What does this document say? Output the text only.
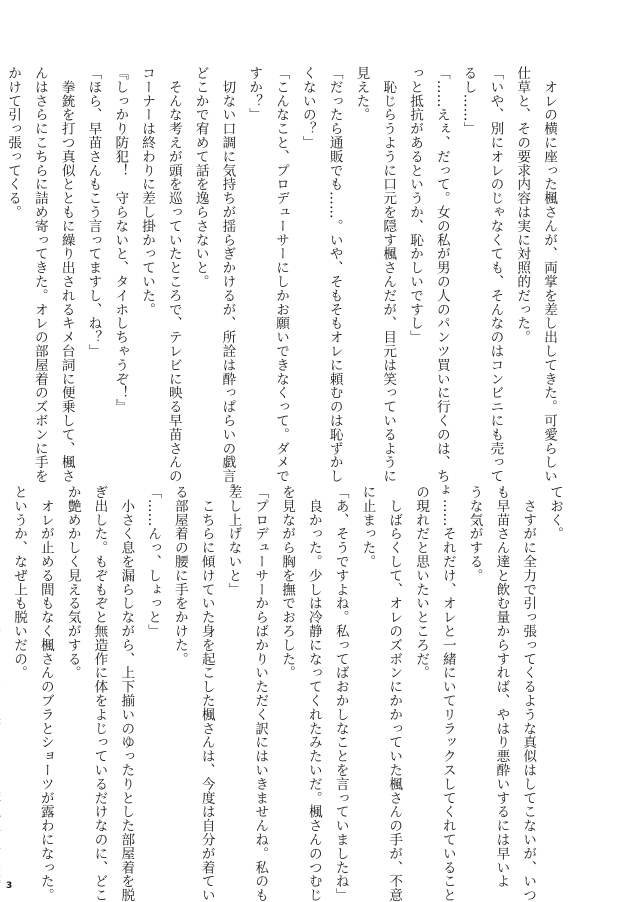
　オレの横に座った楓さんが、両掌を差し出してきた。可愛らしい
仕草と、その要求内容は実に対照的だった。
「いや、別にオレのじゃなくても、そんなのはコンビニにも売って
るし……」
「……えぇ、だって。女の私が男の人のパンツ買いに行くのは、ちょ
っと抵抗があるというか、恥かしいですし」
　恥じらうように口元を隠す楓さんだが、目元は笑っているように
見えた。
「だったら通販でも……。いや、そもそもオレに頼むのは恥ずかし
くないの？」
「こんなこと、プロデューサーにしかお願いできなくって。ダメで
すか？」
　切ない口調に気持ちが揺らぎかけるが、所詮は酔っぱらいの戯言。
どこかで宥めて話を逸らさないと。
　そんな考えが頭を巡っていたところで、テレビに映る早苗さんの
コーナーは終わりに差し掛かっていた。
『しっかり防犯！　守らないと、タイホしちゃうぞ！』
「ほら、早苗さんもこう言ってますし、ね？」
　拳銃を打つ真似とともに繰り出されるキメ台詞に便乗して、楓さ
んはさらにこちらに詰め寄ってきた。オレの部屋着のズボンに手を
かけて引っ張ってくる。
ておく。
　さすがに全力で引っ張ってくるような真似はしてこないが、いつ
も早苗さん達と飲む量からすれば、やはり悪酔いするには早いよ
うな気がする。
　……それだけ、オレと一緒にいてリラックスしてくれていること
の現れだと思いたいところだ。
　しばらくして、オレのズボンにかかっていた楓さんの手が、不意
に止まった。
「あ、そうですよね。私ってばおかしなことを言っていましたね」
　良かった。少しは冷静になってくれたみたいだ。楓さんのつむじ
を見ながら胸を撫でおろした。
「プロデューサーからばかりいただく訳にはいきませんね。私のも
差し上げないと」
　こちらに傾けていた身を起こした楓さんは、今度は自分が着てい
る部屋着の腰に手をかけた。
「……んっ、しょっと」
　小さく息を漏らしながら、上下揃いのゆったりとした部屋着を脱
ぎ出した。もぞもぞと無造作に体をよじっているだけなのに、どこ
か艶めかしく見える気がする。
　オレが止める間もなく楓さんのブラとショーツが露わになった。
というか、なぜ上も脱いだの。
3
